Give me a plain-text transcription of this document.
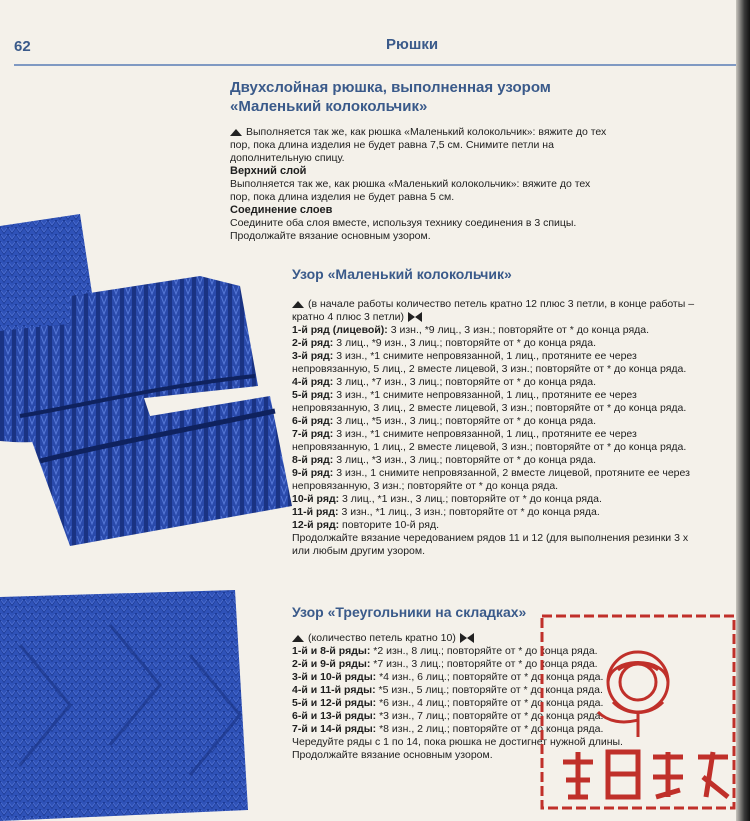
62	Рюшки
Двухслойная рюшка, выполненная узором
«Маленький колокольчик»

Выполняется так же, как рюшка «Маленький колокольчик»: вяжите до тех

пор, пока длина изделия не будет равна 7,5 см. Снимите петли на

дополнительную спицу.

Верхний слой

Выполняется так же, как рюшка «Маленький колокольчик»: вяжите до тех

пор, пока длина изделия не будет равна 5 см.

Соединение слоев

Соедините оба слоя вместе, используя технику соединения в 3 спицы.

Продолжайте вязание основным узором.

Узор «Маленький колокольчик»

(в начале работы количество петель кратно 12 плюс 3 петли, в конце работы –

кратно 4 плюс 3 петли)

1-й ряд (лицевой): 3 изн., *9 лиц., 3 изн.; повторяйте от * до конца ряда.

2-й ряд: 3 лиц., *9 изн., 3 лиц.; повторяйте от * до конца ряда.

3-й ряд: 3 изн., *1 снимите непровязанной, 1 лиц., протяните ее через

непровязанную, 5 лиц., 2 вместе лицевой, 3 изн.; повторяйте от * до конца ряда.

4-й ряд: 3 лиц., *7 изн., 3 лиц.; повторяйте от * до конца ряда.

5-й ряд: 3 изн., *1 снимите непровязанной, 1 лиц., протяните ее через

непровязанную, 3 лиц., 2 вместе лицевой, 3 изн.; повторяйте от * до конца ряда.

6-й ряд: 3 лиц., *5 изн., 3 лиц.; повторяйте от * до конца ряда.

7-й ряд: 3 изн., *1 снимите непровязанной, 1 лиц., протяните ее через

непровязанную, 1 лиц., 2 вместе лицевой, 3 изн.; повторяйте от * до конца ряда.

8-й ряд: 3 лиц., *3 изн., 3 лиц.; повторяйте от * до конца ряда.

9-й ряд: 3 изн., 1 снимите непровязанной, 2 вместе лицевой, протяните ее через

непровязанную, 3 изн.; повторяйте от * до конца ряда.

10-й ряд: 3 лиц., *1 изн., 3 лиц.; повторяйте от * до конца ряда.

11-й ряд: 3 изн., *1 лиц., 3 изн.; повторяйте от * до конца ряда.

12-й ряд: повторите 10-й ряд.

Продолжайте вязание чередованием рядов 11 и 12 (для выполнения резинки 3 х

или любым другим узором.

Узор «Треугольники на складках»

(количество петель кратно 10)

1-й и 8-й ряды: *2 изн., 8 лиц.; повторяйте от * до конца ряда.

2-й и 9-й ряды: *7 изн., 3 лиц.; повторяйте от * до конца ряда.

3-й и 10-й ряды: *4 изн., 6 лиц.; повторяйте от * до конца ряда.

4-й и 11-й ряды: *5 изн., 5 лиц.; повторяйте от * до конца ряда.

5-й и 12-й ряды: *6 изн., 4 лиц.; повторяйте от * до конца ряда.

6-й и 13-й ряды: *3 изн., 7 лиц.; повторяйте от * до конца ряда.

7-й и 14-й ряды: *8 изн., 2 лиц.; повторяйте от * до конца ряда.

Чередуйте ряды с 1 по 14, пока рюшка не достигнет нужной длины.

Продолжайте вязание основным узором.
